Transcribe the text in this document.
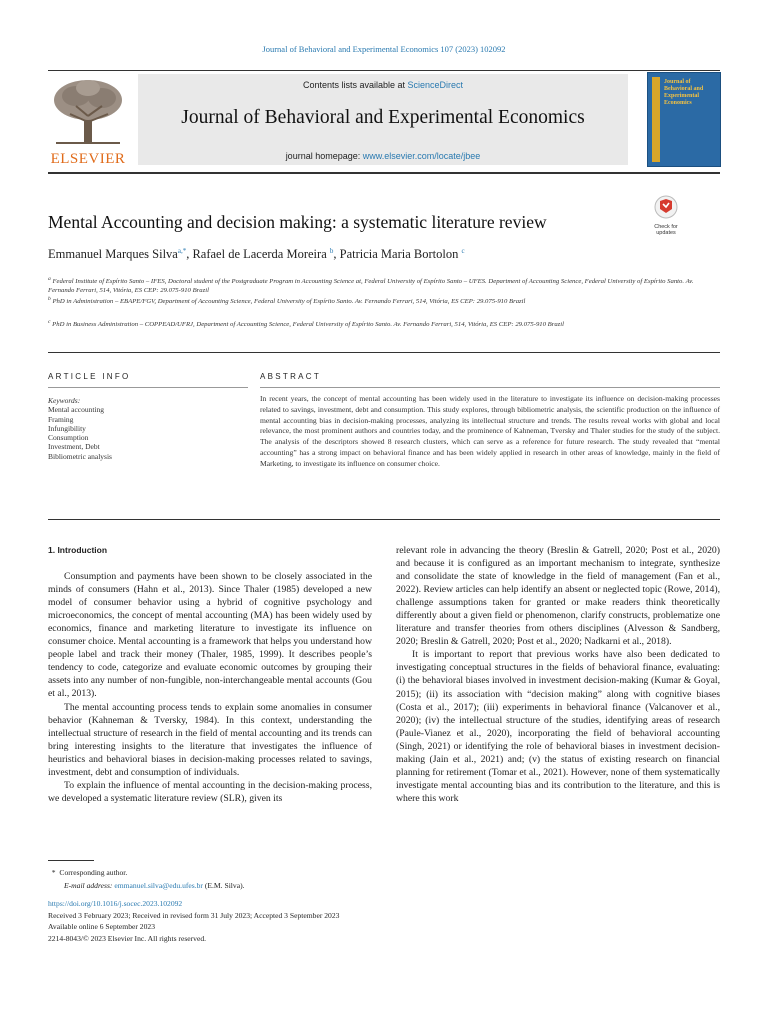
Journal of Behavioral and Experimental Economics 107 (2023) 102092
ELSEVIER
Contents lists available at ScienceDirect
Journal of Behavioral and Experimental Economics
journal homepage: www.elsevier.com/locate/jbee
Journal of Behavioral and Experimental Economics
Mental Accounting and decision making: a systematic literature review	Check for updates
Emmanuel Marques Silva$^{a,*}$, Rafael de Lacerda Moreira $^b$, Patricia Maria Bortolon $^c$
$^a$ Federal Institute of Espírito Santo – IFES, Doctoral student of the Postgraduate Program in Accounting Science at, Federal University of Espírito Santo – UFES. Department of Accounting Science, Federal University of Espírito Santo. Av. Fernando Ferrari, 514, Vitória, ES CEP: 29.075-910 Brazil
$^b$ PhD in Administration – EBAPE/FGV, Department of Accounting Science, Federal University of Espírito Santo. Av. Fernando Ferrari, 514, Vitória, ES CEP: 29.075-910 Brazil
$^c$ PhD in Business Administration – COPPEAD/UFRJ, Department of Accounting Science, Federal University of Espírito Santo. Av. Fernando Ferrari, 514, Vitória, ES CEP: 29.075-910 Brazil
ARTICLE INFO
Keywords:
Mental accounting
Framing
Infungibility
Consumption
Investment, Debt
Bibliometric analysis
ABSTRACT
In recent years, the concept of mental accounting has been widely used in the literature to investigate its influence on decision-making processes related to savings, investment, debt and consumption. This study explores, through bibliometric analysis, the scientific production on the influence of mental accounting bias in decision-making processes, analyzing its intellectual structure and trends. The results reveal works with global and local relevance, the most prominent authors and countries today, and the prominence of Kahneman, Tversky and Thaler studies for the study of the subject. The analysis of the descriptors showed 8 research clusters, which can serve as a reference for future research. The study revealed that “mental accounting” has a strong impact on behavioral finance and has been widely applied in research in other areas of knowledge, mainly in the field of Marketing, to investigate its influence on consumer choice.

1. Introduction

Consumption and payments have been shown to be closely associated in the minds of consumers (Hahn et al., 2013). Since Thaler (1985) developed a new model of consumer behavior using a hybrid of cognitive psychology and microeconomics, the concept of mental accounting (MA) has been widely used by economics, finance and marketing literature to investigate its influence on consumer choice. Mental accounting is a framework that helps you understand how people label and track their money (Thaler, 1985, 1999). It describes people’s tendency to code, categorize and evaluate economic outcomes by grouping their assets into any number of non-fungible, non-interchangeable mental accounts (Gou et al., 2013).

The mental accounting process tends to explain some anomalies in consumer behavior (Kahneman & Tversky, 1984). In this context, understanding the intellectual structure of research in the field of mental accounting and its trends can bring interesting insights to the literature that investigates the influence of heuristics and behavioral biases in decision-making processes related to savings, investment, debt and consumption of individuals.

To explain the influence of mental accounting in the decision-making process, we developed a systematic literature review (SLR), given its

relevant role in advancing the theory (Breslin & Gatrell, 2020; Post et al., 2020) and because it is configured as an important mechanism to integrate, synthesize and consolidate the state of knowledge in the field of management (Fan et al., 2022). Review articles can help identify an absent or neglected topic (Rowe, 2014), challenge assumptions taken for granted or make readers think theoretically differently about a given field or phenomenon, clarify constructs, problematize one literature and transfer theories from others disciplines (Alvesson & Sandberg, 2020; Breslin & Gatrell, 2020; Post et al., 2020; Nadkarni et al., 2018).

It is important to report that previous works have also been dedicated to investigating conceptual structures in the fields of behavioral finance, evaluating: (i) the behavioral biases involved in investment decision-making (Kumar & Goyal, 2015); (ii) its association with “decision making” along with cognitive biases (Costa et al., 2017); (iii) experiments in behavioral finance (Valcanover et al., 2020); (iv) the intellectual structure of the studies, identifying areas of research (Paule-Vianez et al., 2020), incorporating the field of behavioral accounting (Singh, 2021) or identifying the role of behavioral biases in investment decision-making (Jain et al., 2021) and; (v) the status of existing research on financial planning for retirement (Tomar et al., 2021). However, none of them systematically investigate mental accounting bias and its contribution to the literature, and this is where this work

*  Corresponding author.
E-mail address: emmanuel.silva@edu.ufes.br (E.M. Silva).
https://doi.org/10.1016/j.socec.2023.102092
Received 3 February 2023; Received in revised form 31 July 2023; Accepted 3 September 2023
Available online 6 September 2023
2214-8043/© 2023 Elsevier Inc. All rights reserved.
